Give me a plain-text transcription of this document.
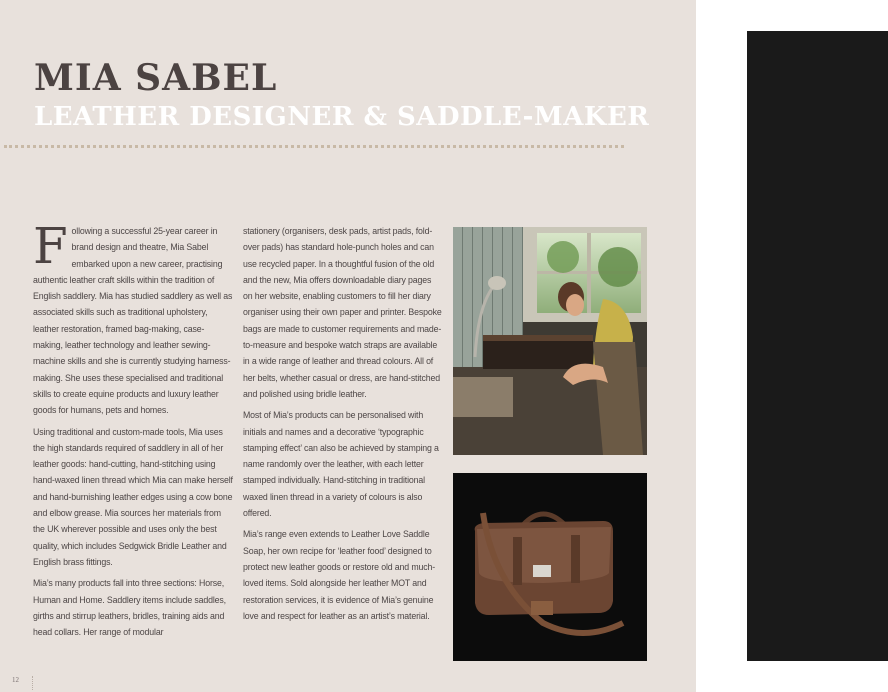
MIA SABEL
LEATHER DESIGNER & SADDLE-MAKER

Following a successful 25-year career in brand design and theatre, Mia Sabel embarked upon a new career, practising authentic leather craft skills within the tradition of English saddlery. Mia has studied saddlery as well as associated skills such as traditional upholstery, leather restoration, framed bag-making, case-making, leather technology and leather sewing-machine skills and she is currently studying harness-making. She uses these specialised and traditional skills to create equine products and luxury leather goods for humans, pets and homes.

Using traditional and custom-made tools, Mia uses the high standards required of saddlery in all of her leather goods: hand-cutting, hand-stitching using hand-waxed linen thread which Mia can make herself and hand-burnishing leather edges using a cow bone and elbow grease. Mia sources her materials from the UK wherever possible and uses only the best quality, which includes Sedgwick Bridle Leather and English brass fittings.

Mia’s many products fall into three sections: Horse, Human and Home. Saddlery items include saddles, girths and stirrup leathers, bridles, training aids and head collars. Her range of modular

stationery (organisers, desk pads, artist pads, fold-over pads) has standard hole-punch holes and can use recycled paper. In a thoughtful fusion of the old and the new, Mia offers downloadable diary pages on her website, enabling customers to fill her diary organiser using their own paper and printer. Bespoke bags are made to customer requirements and made-to-measure and bespoke watch straps are available in a wide range of leather and thread colours. All of her belts, whether casual or dress, are hand-stitched and polished using bridle leather.

Most of Mia’s products can be personalised with initials and names and a decorative ‘typographic stamping effect’ can also be achieved by stamping a name randomly over the leather, with each letter stamped individually. Hand-stitching in traditional waxed linen thread in a variety of colours is also offered.

Mia’s range even extends to Leather Love Saddle Soap, her own recipe for ‘leather food’ designed to protect new leather goods or restore old and much-loved items. Sold alongside her leather MOT and restoration services, it is evidence of Mia’s genuine love and respect for leather as an artist’s material.

12
